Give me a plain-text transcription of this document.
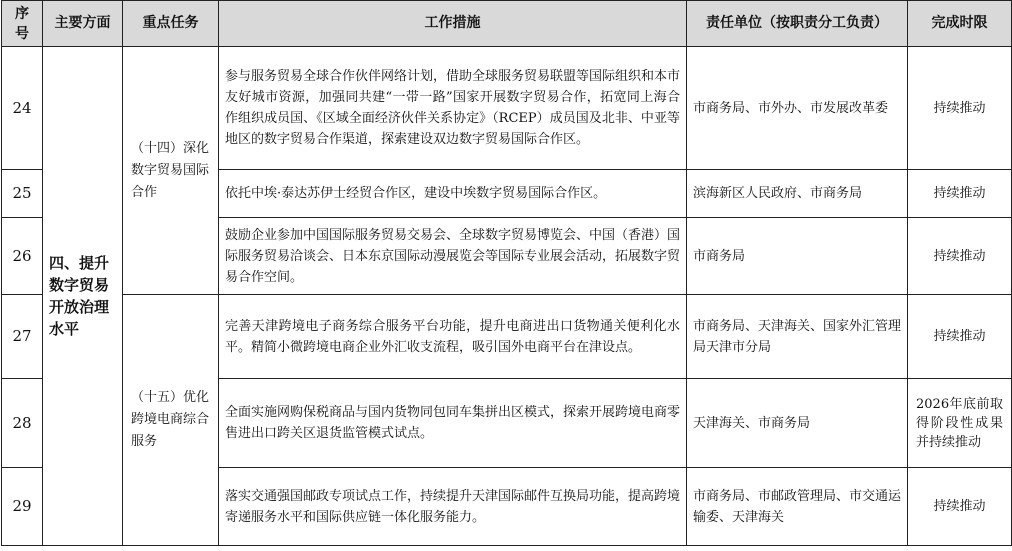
序
号	主要方面	重点任务	工作措施	责任单位（按职责分工负责）	完成时限
24	四、提升数字贸易开放治理水平	（十四）深化数字贸易国际合作	参与服务贸易全球合作伙伴网络计划，借助全球服务贸易联盟等国际组织和本市友好城市资源，加强同共建“一带一路”国家开展数字贸易合作，拓宽同上海合作组织成员国、《区域全面经济伙伴关系协定》（RCEP）成员国及北非、中亚等地区的数字贸易合作渠道，探索建设双边数字贸易国际合作区。	市商务局、市外办、市发展改革委	持续推动
25			依托中埃·泰达苏伊士经贸合作区，建设中埃数字贸易国际合作区。	滨海新区人民政府、市商务局	持续推动
26			鼓励企业参加中国国际服务贸易交易会、全球数字贸易博览会、中国（香港）国际服务贸易洽谈会、日本东京国际动漫展览会等国际专业展会活动，拓展数字贸易合作空间。	市商务局	持续推动
27		（十五）优化跨境电商综合服务	完善天津跨境电子商务综合服务平台功能，提升电商进出口货物通关便利化水平。精简小微跨境电商企业外汇收支流程，吸引国外电商平台在津设点。	市商务局、天津海关、国家外汇管理局天津市分局	持续推动
28			全面实施网购保税商品与国内货物同包同车集拼出区模式，探索开展跨境电商零售进出口跨关区退货监管模式试点。	天津海关、市商务局	2026年底前取得阶段性成果并持续推动
29			落实交通强国邮政专项试点工作，持续提升天津国际邮件互换局功能，提高跨境寄递服务水平和国际供应链一体化服务能力。	市商务局、市邮政管理局、市交通运输委、天津海关	持续推动
